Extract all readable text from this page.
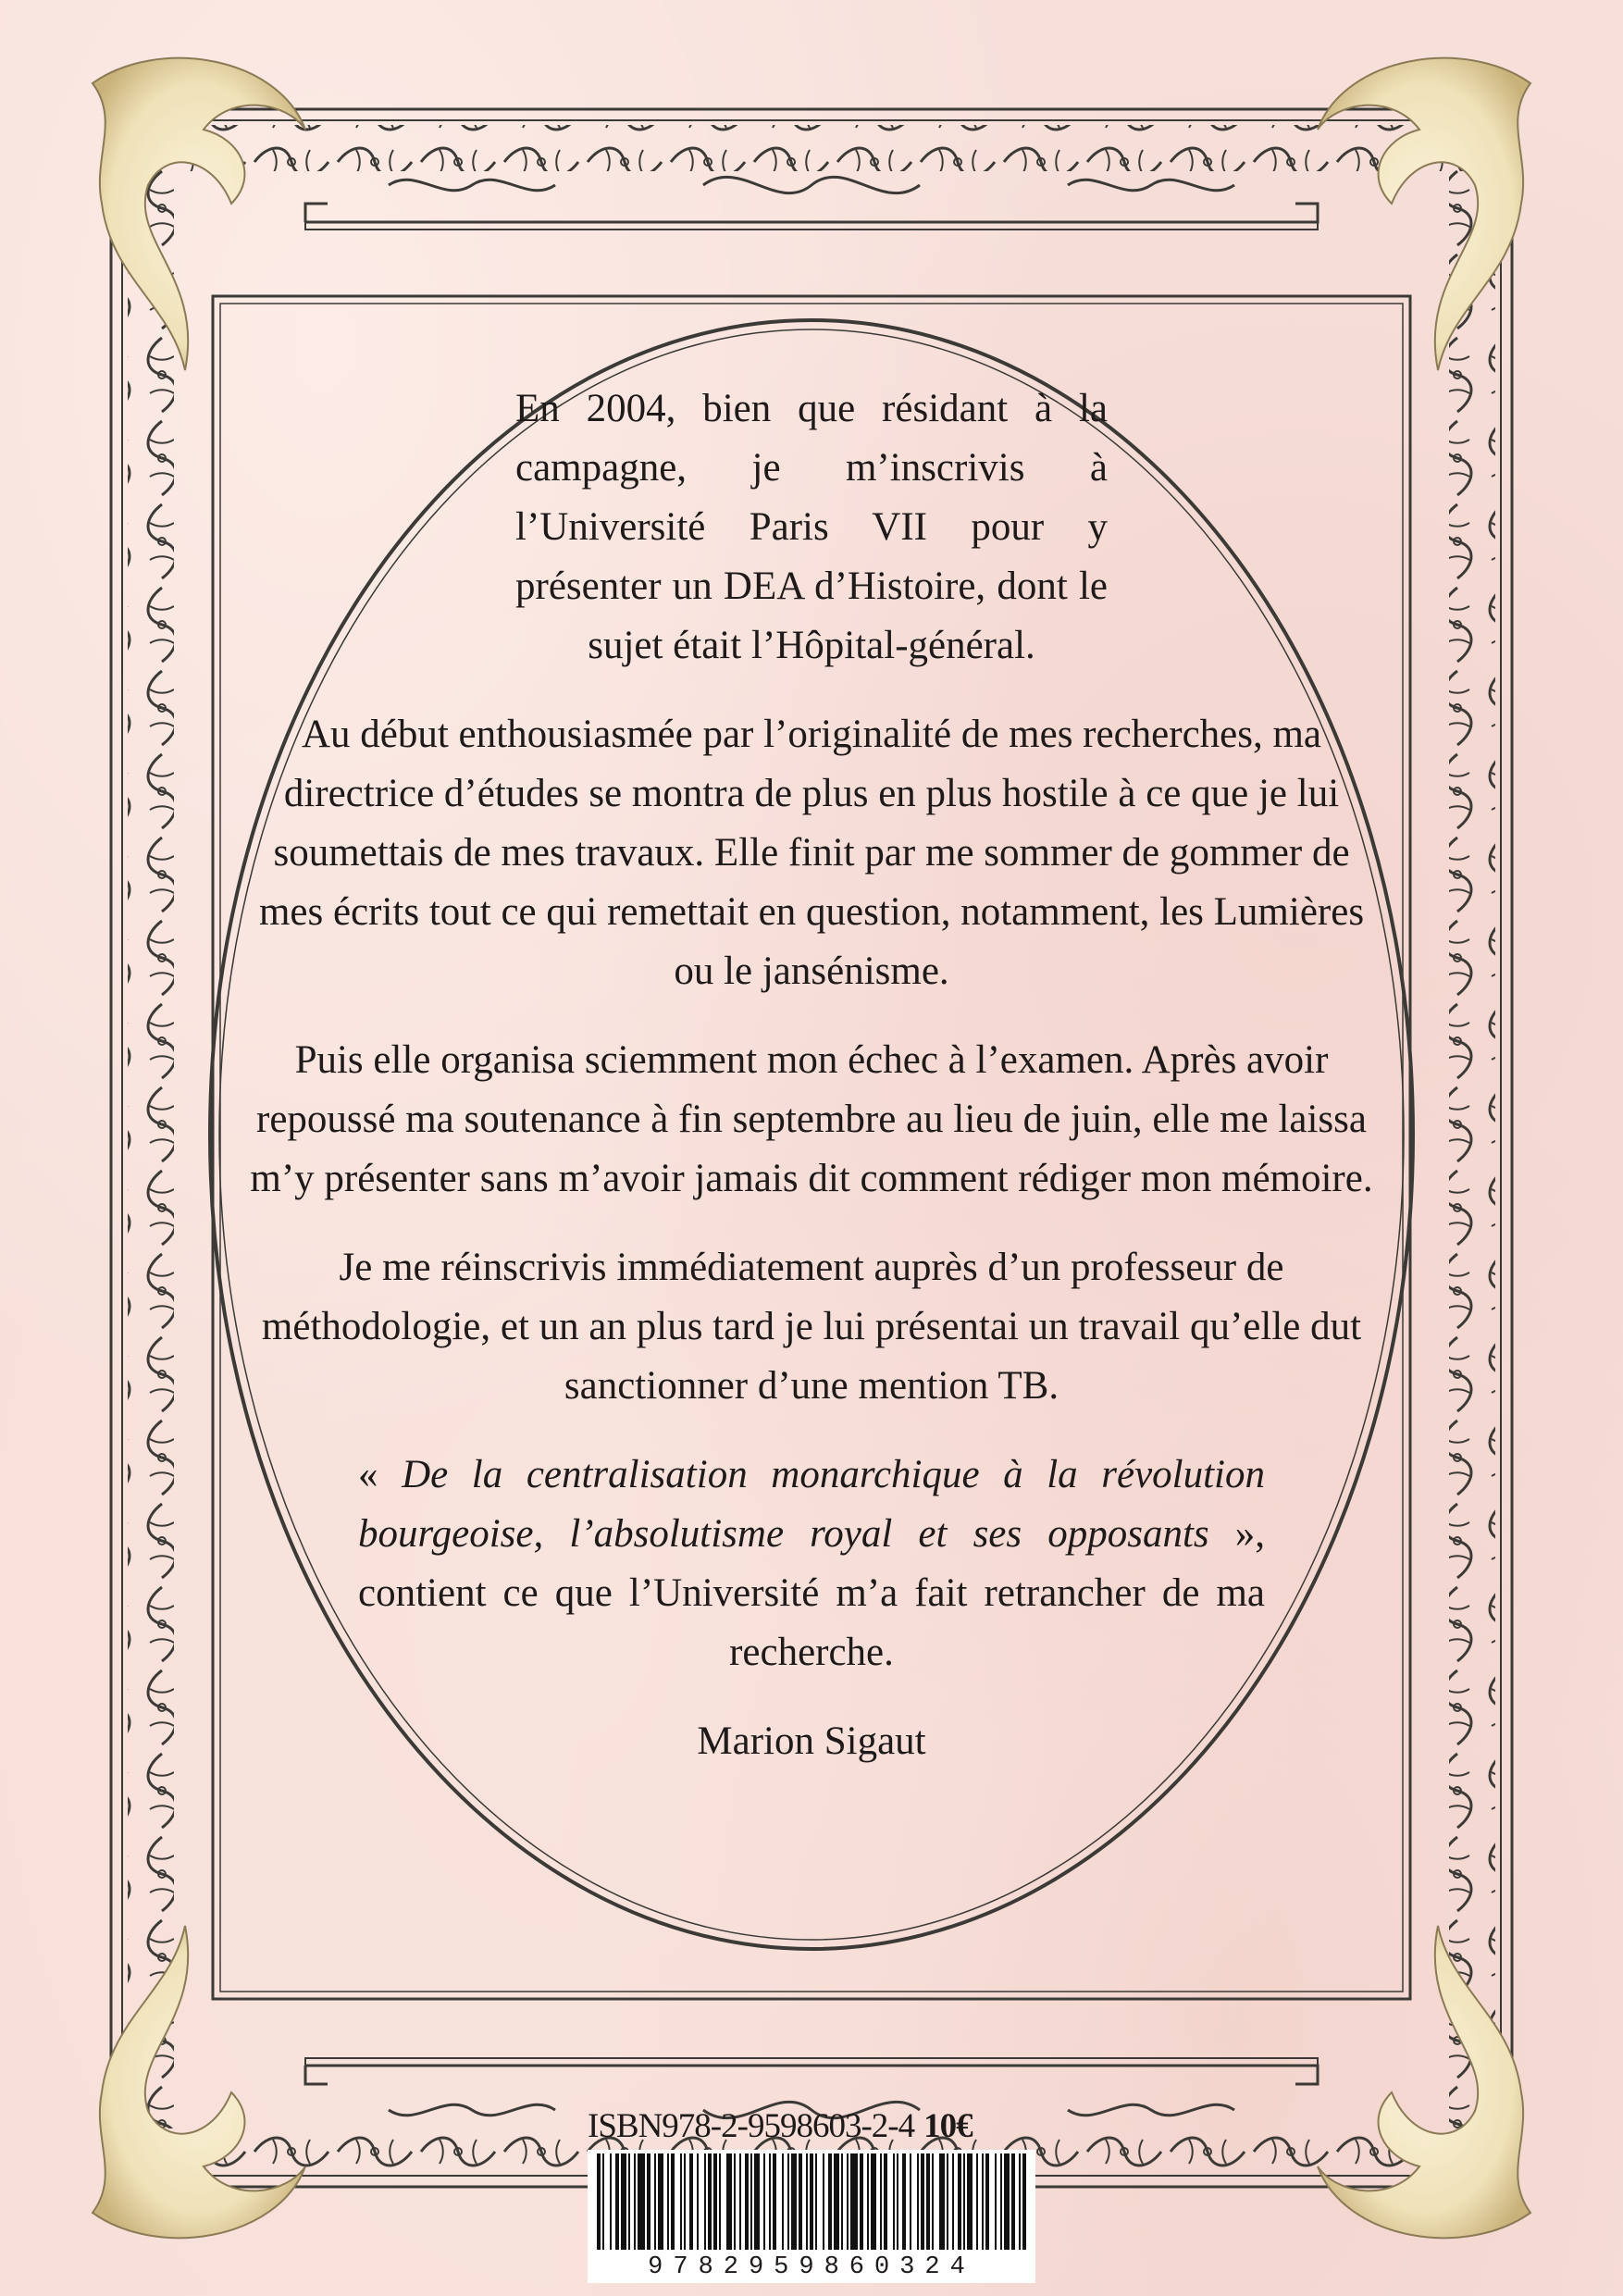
En 2004, bien que résidant à la campagne, je m’inscrivis à l’Université Paris VII pour y présenter un DEA d’Histoire, dont le sujet était l’Hôpital-général.

Au début enthousiasmée par l’originalité de mes recherches, ma directrice d’études se montra de plus en plus hostile à ce que je lui soumettais de mes travaux. Elle finit par me sommer de gommer de mes écrits tout ce qui remettait en question, notamment, les Lumières ou le jansénisme.

Puis elle organisa sciemment mon échec à l’examen. Après avoir repoussé ma soutenance à fin septembre au lieu de juin, elle me laissa m’y présenter sans m’avoir jamais dit comment rédiger mon mémoire.

Je me réinscrivis immédiatement auprès d’un professeur de méthodologie, et un an plus tard je lui présentai un travail qu’elle dut sanctionner d’une mention TB.

« De la centralisation monarchique à la révolution bourgeoise, l’absolutisme royal et ses opposants », contient ce que l’Université m’a fait retrancher de ma recherche.

Marion Sigaut

ISBN978-2-9598603-2-4 10€
9782959860324
